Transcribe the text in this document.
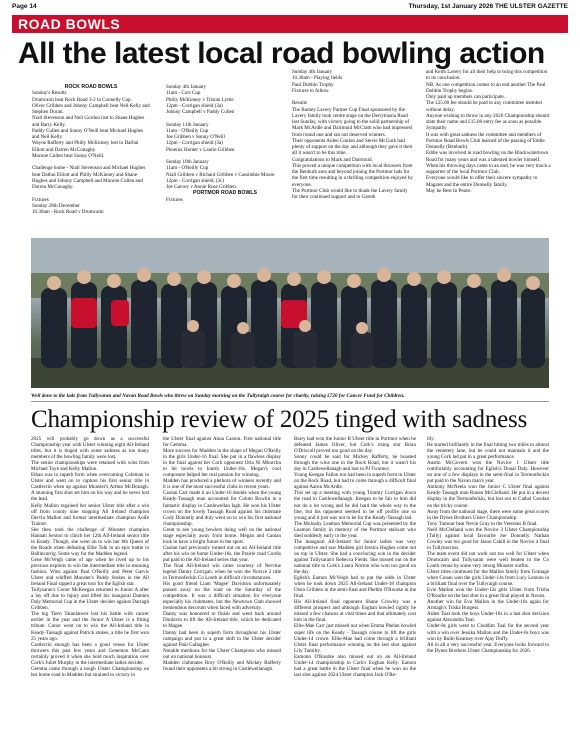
Page 14	Thursday, 1st January 2026 THE ULSTER GAZETTE
ROAD BOWLS
All the latest local road bowling action

ROCK ROAD BOWLS

Sunday's Results

Drumcaim beat Rock Road 3-2 in Connelly Cup.

Oliver Gribben and Johnny Campbell beat Neil Kelly and Stephen Doran.

Niall Stevenson and Neil Gordon lost to Shane Hughes and Barry Kelly.

Paddy Cullen and Sonny O'Neill beat Michael Hughes and Neil Kelly.

Wayne Rafferty and Philly McKinney lost to Darhul Elliott and Darren McConaghy.

Monroe Cullen beat Sonny O'Neill.

Challenge home - Niall Stevenson and Michael Hughes beat Dathui Elliott and Philly McKinney and Shane Hughes and Johnny Campbell and Monroe Cullen and Darren McConaghy.

Fixtures

Sunday 28th December

10.30am - Rock Road v Drumcaim

Sunday 4th January

11am - Corr Cup

Philly McKinney v Tristan Lyttle

12pm - Corrigan shield (3a)

Johnny Campbell v Paddy Cullen

Sunday 11th January

11am - O'Reilly Cup

Joe Gribben v Sonny O'Neill

12pm - Corrigan shield (3a)

Phoenix Hunter v Laurie Gribben

Sunday 18th January

11am - O'Reilly Cup

Niall Gribben v Richard Gribben v Cassimbie Moore

12pm - Corrigan shield, (3c)

Joe Garvey v Annie Rose Gribben.

PORTMOR ROAD BOWLS

Fixtures

Sunday 4th January

10.30am - Playing fields

Paul Dobbin Trophy

Fixtures to follow.

Results

The Barney Lavery Partner Cup Final sponsored by the Lavery family took centre stage on the Derrytrasna Road last Sunday, with victory going to the solid partnership of Mark McArdle and Dairmuid McCrath who had impressed from round one and ran out deserved winners.

Their opponents Aiden Conlon and Stevie McGurk had plenty of support on the day and although they gave it their all it wasn't to be this time.

Congratulations to Mark and Dairmuid.

This proved a unique competition with local throwers from the Benburb area and beyond joining the Portmor lads for the first time resulting in a thrilling competition enjoyed by everyone.

The Portmor Club would like to thank the Lavery family for their continued support and to Gareth

and Keith Lavery for all their help to bring this competition to its conclusion.

NB. As one competition comes to an end another The Paul Dobbin Trophy begins.

Only paid up members can participate.

The £25.00 fee should be paid to any committee member without delay.

Anyone wishing to throw in any 2026 Championship should state their name and £15.00 entry fee as soon as possible.

Sympathy

It was with great sadness the committee and members of Portmor Road Bowls Club learned of the passing of Eddie Donnelly (Benburb).

Eddie was involved in road bowling on the Blackwatertown Road for many years and was a talented bowler himself.

When his throwing days came to an end, he was very much a supporter of the local Portmor Club.

Everyone would like to offer their sincere sympathy to Magaret and the entire Donnelly family.

May he Rest In Peace.

Well done to the lads from Tullysaran and Navan Road Bowls who threw on Sunday morning on the Tullyraigh course for charity, raising £720 for Cancer Fund for Children.
Championship review of 2025 tinged with sadness

2025 will probably go down as a successful Championship year with Ulster winning eight All-Ireland titles, but it is tinged with some sadness as too many members of the bowling family were lost.

The senior championships were retained with wins from Michael Toye and Kelly Mallon.

Ethan was in superb form when overcoming Coleman in Ulster and went on to capture his first senior title in Castlecrin when up against Munster's Arthur McDonagh. A stunning first shot set him on his way and he never lost the lead.

Kelly Mallon regained her senior Ulster title after a win off from county nine stopping All Ireland champion Dervla Mallon and former intermediate champion Aoife Trainor.

She then took the challenge of Munster champion Hannah Sexton to clinch her 12th All-Ireland senior title in Keady. Though, she went on to win her 8th Queen of the Roads when defeating Ellie Talk in an epic battle in Ballincurrig. Some way for the Madden legend.

Gene McVeigh came of age when he lived up to his previous exploits to win the intermediate title in stunning fashion. Wins against Paul O'Reilly and Peter Garvis Ulster and whiffed Munster's Paddy Stokes in the All Ireland Final sipped a great tour for the Eglish star.

Tullysaran's Conor McKeegan returned to Junior A after a lay off due to injury and lifted his inaugural Damien Daly Memorial Cup in the Ulster decider against Darragh Gribben.

The big Tiern Tatanlatwer lost his battle with cancer earlier in the year and the Junior A Ulster is a fitting tribute. Conor went on to win the All-Ireland title in Keady-Tassagh against Patrick stokes, a title he first won 25 years ago.

Castlecrin enough has been a good venue for Ulster throwers this past few years and Genemon McCann certainly proved it when she hold much inspiration over Cork's Juliet Murphy in the intermediate ladies decider.

Gemma came through a tough Ulster Championship on her home road in Madden but strained to victory in

the Ulster final against Anna Carson. First national title for Gemma.

More success for Madden in the shape of Megan O'Reilly in the girls Under-16 final. She put in a flawless display in the final against her Cork opponent Orla Ni Mhurchu to hit bowls to fourth Under-16s. Megan's cool composure helped her real passion for winning.

Madden has produced a plethora of winners recently and it is one of the most successful clubs in recent years.

Caolan Carr made it an Under-16 double when the young Keady-Tassagh man accounted for Colum Bowlin in a fantastic display in Castlewellan Iagh. He won his Ulster crown on the lovely Tassagh Road against his clubmate Cody Donnelly and duly went on to win his first national championship.

Great to see young bowlers doing well on the national stage especially away from home. Megan and Caolan look to have a bright future in the sport.

Caolan had previously turned out on an All-Ireland title after his win on home Under-16s, the Prairie road Cordis put paid to the All-Ireland series that year.

The final All-Ireland win came courtesy of Nervine legend Danny Corrigan, when he won the Novice 2 title in Termonfeckin Co Louth in difficult circumstances.

His good friend Liam 'Magee' Davidson unfortunately passed away on the road on the Saturday of the competition. It was a difficult situation for everyone especially his clubmates, but the Newtown Club showed tremendous decorum when faced with adversity.

Danny was honoured to finish and went back around Dunlavin to lift the All-Ireland title, which he dedicated to Magee.

Danny had been in superb form throughout his Ulster campaign and put in a great shift in the Ulster decider against Paul Gallagher.

Notable mentions for the Ulster Champions who missed out on national honours.

Madden clubmates Rory O'Reilly and Mickey Rafferty found their opponents a bit strong in Castlewellanagh.

Barry had won the Junior B Ulster title in Portmor when he defeated James Oliver, but Cork's rising star Brian O'Driscoll proved too good on the day.

Sonny could be said for Mickey Rafferty, he boasted through the wins one in the Rock Road, but it wasn't his day in Castlewellanagh and lost to PJ Twomey.

Young Keegan Fallon too had been in superb form in Ulster on the Rock Road, but had to come through a difficult final against Aaron McArdle.

This set up a meeting with young Tommy Corrigan down the road in Castlewellanagh. Keegan to be fair to him did not do a lot wrong and he did hard the whole way to the line, but his opponent seemed to be off profile one so young and it just was not to be for the Keady-Tassagh lad.

The Moloahy Leamon Memorial Cup was presented by the Leamon family in memory of the Portmor stalwart who died suddenly early in the year.

The inaugural All-Ireland for Junior ladies was very competitive and saw Madden girl Jessica Hughes come out on top in Ulster. She had a convincing win in the decider against Tullysaran's Rebecca Fields. She missed out on the national title to Cork's Laura Norton who won too good on the day.

Eglish's Eamon McVeigh had to put the odds in Ulster when he took down 2025 All-Ireland Under-18 champion Oisin Gribben in the semi-final and Phelim O'Rourke in the final.

His All-Ireland final opponent Shane Crowley was a different prospect and although Eoghan bowled rightly he missed a few chances at vital times and that ultimately cost him in the final.

Ellie-Mae Carr just missed out when Emma Phelan bowled super life on the Keady - Tassagh course to lift the girls Under-14 crown. Ellie-Mae had come through a brilliant Ulster final performance winning on the last shot against Lily Tumilty.

Eamonn O'Rourke also missed out on an All-Ireland Under-14 championship to Cork's Eoghan Kelly. Eamon had a great battle in the Ulster final when he won on the last shot against 2024 Ulster champion Jack O'Re-

illy.

He started brilliantly in the final hitting two miles to almost the cemetery lane, but he could not maintain it and the young Cork lad put in a great performance.

Austin McGovern won the Novice 1 Ulster title comfortably accounting for Eglish's Donal Daly. However on one of a few displays in the semi-final in Termonfeckin put paid to the Navan man's year.

Anthony McNeela won the Junior C Ulster final against Keady-Tassagh man Ronan McClelland. He put in a decent display in the Termonfeckin, but lost out to Cathal Carolan on the tricky course.

Away from the national stage, there were some great scores in the Dynes Brothers Ulster Championship.

Tony Tumour beat Nevin Gray in the Veterans B final.

Neill McClelland won the Novice 3 Ulster Championship (Tully) against local favourite Joe Donnelly. Nathan Cowley was too good for Jason Cahill in the Novice 4 final in Tullynacross.

The team event did not work out too well for Ulster when Drumcaim and Tullysaran were well beaten in the Co Louth venue by some very strong Munster outfits.

Ulster titles continued for the Mallon family from Granage when Conan won the girls Under-14s from Lucy Lennon in a brilliant final over the Tullyraigh course.

Evie Mallon won the Under-12s girls Ulster from Trisha O'Rourke on the last shot in a great final played in Navan.

Another win for Eva Mallon in the Under-10s again for Armagh's Trisha Burgess.

Aiden Toal took the boys Under-10s in a last shot decision against Alexandra Toal.

Under-8s girls went to Cloddim Toal for the second year with a win over Jessika Mallon and the Under-6s boys was won by Ruibi Kearney over Ajay Duffy.

All in all a very successful year. Everyone looks forward to the Dynes Brothers Ulster Championship for 2026.
